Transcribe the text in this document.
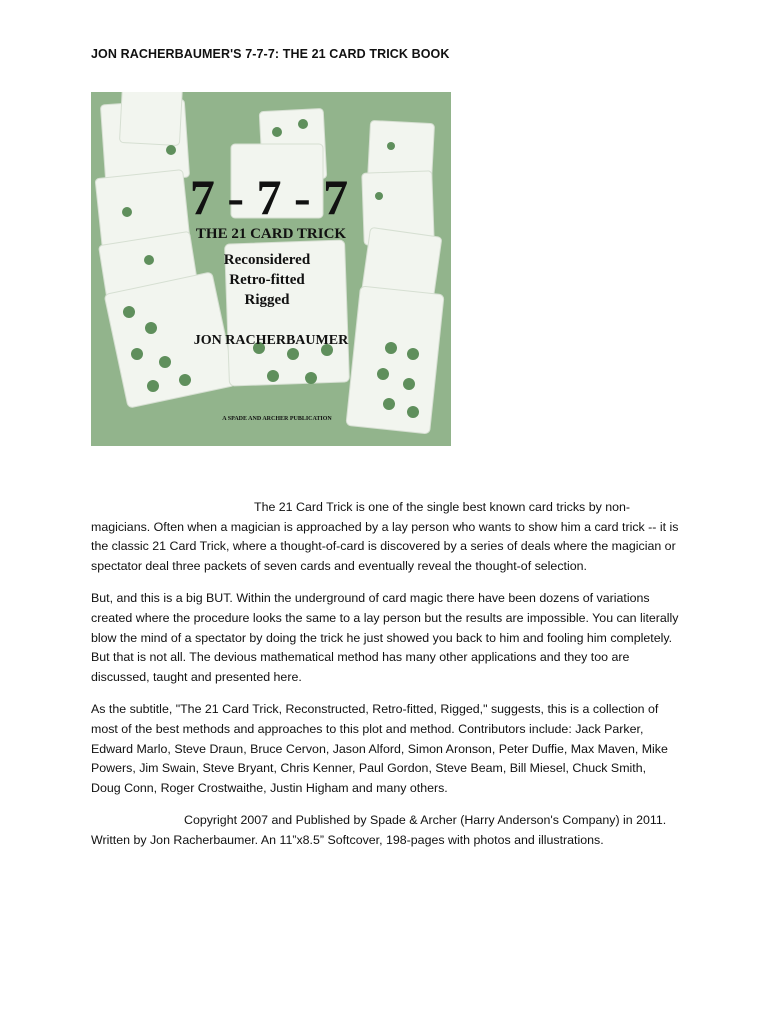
JON RACHERBAUMER'S 7-7-7: THE 21 CARD TRICK BOOK
7 - 7 - 7
THE 21 CARD TRICK
Reconsidered
Retro-fitted
Rigged
JON RACHERBAUMER
A SPADE AND ARCHER PUBLICATION

The 21 Card Trick is one of the single best known card tricks by non-magicians. Often when a magician is approached by a lay person who wants to show him a card trick -- it is the classic 21 Card Trick, where a thought-of-card is discovered by a series of deals where the magician or spectator deal three packets of seven cards and eventually reveal the thought-of selection.

But, and this is a big BUT. Within the underground of card magic there have been dozens of variations created where the procedure looks the same to a lay person but the results are impossible. You can literally blow the mind of a spectator by doing the trick he just showed you back to him and fooling him completely. But that is not all. The devious mathematical method has many other applications and they too are discussed, taught and presented here.

As the subtitle, "The 21 Card Trick, Reconstructed, Retro-fitted, Rigged," suggests, this is a collection of most of the best methods and approaches to this plot and method. Contributors include: Jack Parker, Edward Marlo, Steve Draun, Bruce Cervon, Jason Alford, Simon Aronson, Peter Duffie, Max Maven, Mike Powers, Jim Swain, Steve Bryant, Chris Kenner, Paul Gordon, Steve Beam, Bill Miesel, Chuck Smith, Doug Conn, Roger Crostwaithe, Justin Higham and many others.

Copyright 2007 and Published by Spade & Archer (Harry Anderson's Company) in 2011. Written by Jon Racherbaumer. An 11”x8.5” Softcover, 198-pages with photos and illustrations.
